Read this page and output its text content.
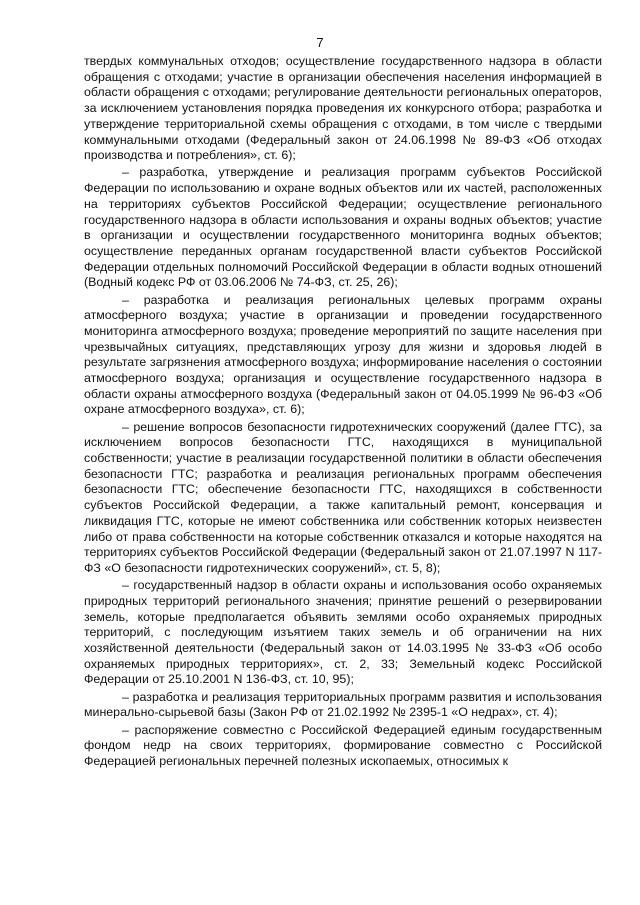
7

твердых коммунальных отходов; осуществление государственного надзора в области обращения с отходами; участие в организации обеспечения населения информацией в области обращения с отходами; регулирование деятельности региональных операторов, за исключением установления порядка проведения их конкурсного отбора; разработка и утверждение территориальной схемы обращения с отходами, в том числе с твердыми коммунальными отходами (Федеральный закон от 24.06.1998 № 89-ФЗ «Об отходах производства и потребления», ст. 6);

– разработка, утверждение и реализация программ субъектов Российской Федерации по использованию и охране водных объектов или их частей, расположенных на территориях субъектов Российской Федерации; осуществление регионального государственного надзора в области использования и охраны водных объектов; участие в организации и осуществлении государственного мониторинга водных объектов; осуществление переданных органам государственной власти субъектов Российской Федерации отдельных полномочий Российской Федерации в области водных отношений (Водный кодекс РФ от 03.06.2006 № 74-ФЗ, ст. 25, 26);

– разработка и реализация региональных целевых программ охраны атмосферного воздуха; участие в организации и проведении государственного мониторинга атмосферного воздуха; проведение мероприятий по защите населения при чрезвычайных ситуациях, представляющих угрозу для жизни и здоровья людей в результате загрязнения атмосферного воздуха; информирование населения о состоянии атмосферного воздуха; организация и осуществление государственного надзора в области охраны атмосферного воздуха (Федеральный закон от 04.05.1999 № 96-ФЗ «Об охране атмосферного воздуха», ст. 6);

– решение вопросов безопасности гидротехнических сооружений (далее ГТС), за исключением вопросов безопасности ГТС, находящихся в муниципальной собственности; участие в реализации государственной политики в области обеспечения безопасности ГТС; разработка и реализация региональных программ обеспечения безопасности ГТС; обеспечение безопасности ГТС, находящихся в собственности субъектов Российской Федерации, а также капитальный ремонт, консервация и ликвидация ГТС, которые не имеют собственника или собственник которых неизвестен либо от права собственности на которые собственник отказался и которые находятся на территориях субъектов Российской Федерации (Федеральный закон от 21.07.1997 N 117-ФЗ «О безопасности гидротехнических сооружений», ст. 5, 8);

– государственный надзор в области охраны и использования особо охраняемых природных территорий регионального значения; принятие решений о резервировании земель, которые предполагается объявить землями особо охраняемых природных территорий, с последующим изъятием таких земель и об ограничении на них хозяйственной деятельности (Федеральный закон от 14.03.1995 № 33-ФЗ «Об особо охраняемых природных территориях», ст. 2, 33; Земельный кодекс Российской Федерации от 25.10.2001 N 136-ФЗ, ст. 10, 95);

– разработка и реализация территориальных программ развития и использования минерально-сырьевой базы (Закон РФ от 21.02.1992 № 2395-1 «О недрах», ст. 4);

– распоряжение совместно с Российской Федерацией единым государственным фондом недр на своих территориях, формирование совместно с Российской Федерацией региональных перечней полезных ископаемых, относимых к
